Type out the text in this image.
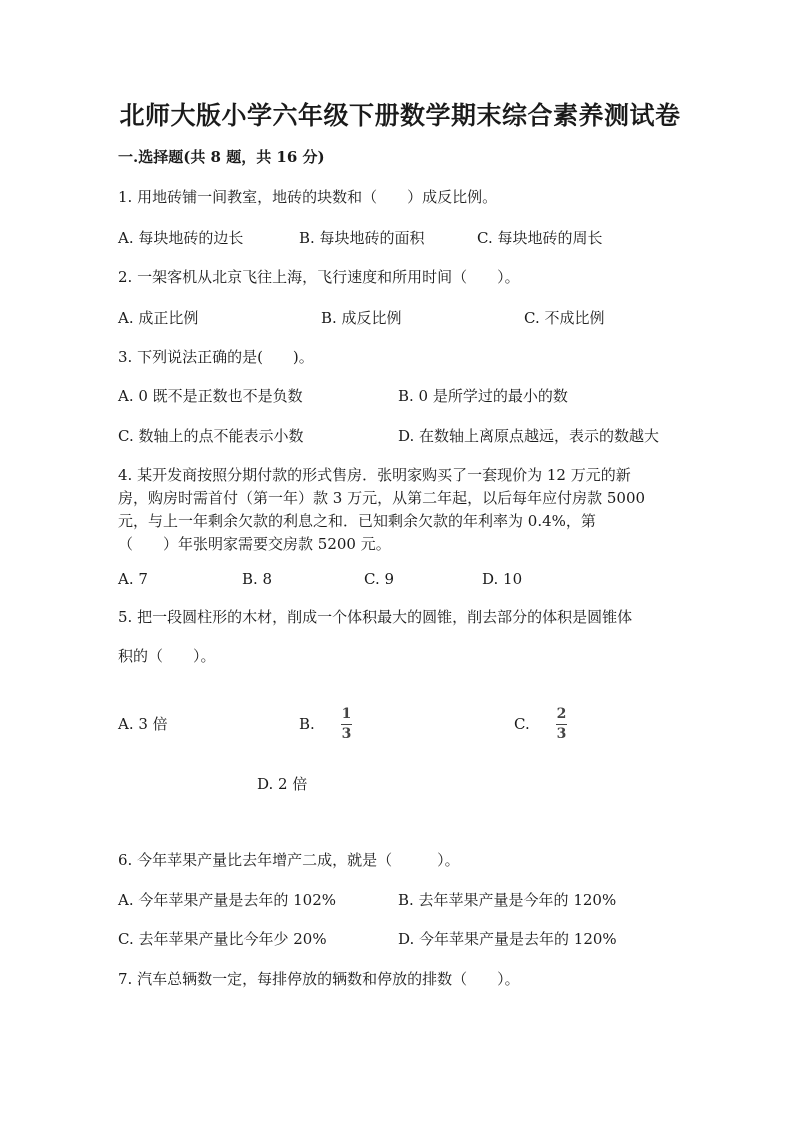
北师大版小学六年级下册数学期末综合素养测试卷
一.选择题(共 8 题，共 16 分)
1. 用地砖铺一间教室，地砖的块数和（　　）成反比例。
A. 每块地砖的边长	B. 每块地砖的面积	C. 每块地砖的周长
2. 一架客机从北京飞往上海，飞行速度和所用时间（　　）。
A. 成正比例	B. 成反比例	C. 不成比例
3. 下列说法正确的是(　　)。
A. 0 既不是正数也不是负数	B. 0 是所学过的最小的数
C. 数轴上的点不能表示小数	D. 在数轴上离原点越远，表示的数越大
4. 某开发商按照分期付款的形式售房．张明家购买了一套现价为 12 万元的新
房，购房时需首付（第一年）款 3 万元，从第二年起，以后每年应付房款 5000
元，与上一年剩余欠款的利息之和．已知剩余欠款的年利率为 0.4%，第
（　　）年张明家需要交房款 5200 元。
A. 7	B. 8	C. 9	D. 10
5. 把一段圆柱形的木材，削成一个体积最大的圆锥，削去部分的体积是圆锥体
积的（　　）。
A. 3 倍	B.
1
3
C.
2
3
D. 2 倍
6. 今年苹果产量比去年增产二成，就是（　　　）。
A. 今年苹果产量是去年的 102%	B. 去年苹果产量是今年的 120%
C. 去年苹果产量比今年少 20%	D. 今年苹果产量是去年的 120%
7. 汽车总辆数一定，每排停放的辆数和停放的排数（　　）。
